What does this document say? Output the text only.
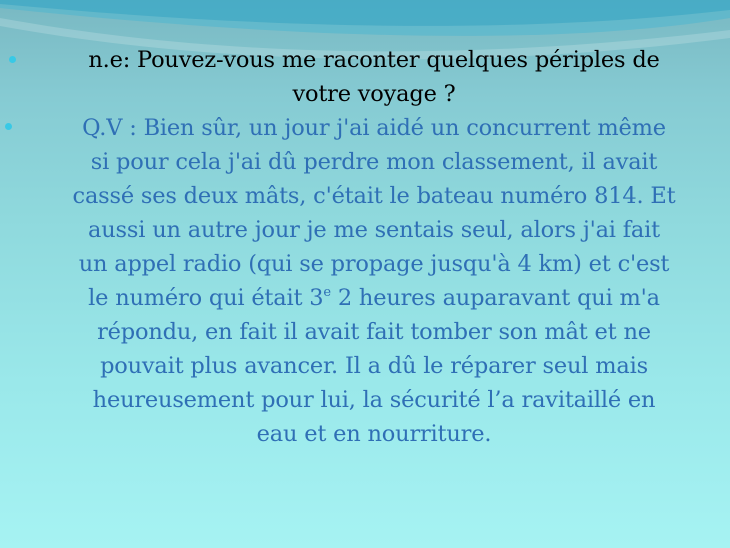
n.e: Pouvez-vous me raconter quelques périples de
votre voyage ?
Q.V : Bien sûr, un jour j'ai aidé un concurrent même
si pour cela j'ai dû perdre mon classement, il avait
cassé ses deux mâts, c'était le bateau numéro 814. Et
aussi un autre jour je me sentais seul, alors j'ai fait
un appel radio (qui se propage jusqu'à 4 km) et c'est
le numéro qui était 3e 2 heures auparavant qui m'a
répondu, en fait il avait fait tomber son mât et ne
pouvait plus avancer. Il a dû le réparer seul mais
heureusement pour lui, la sécurité l’a ravitaillé en
eau et en nourriture.
